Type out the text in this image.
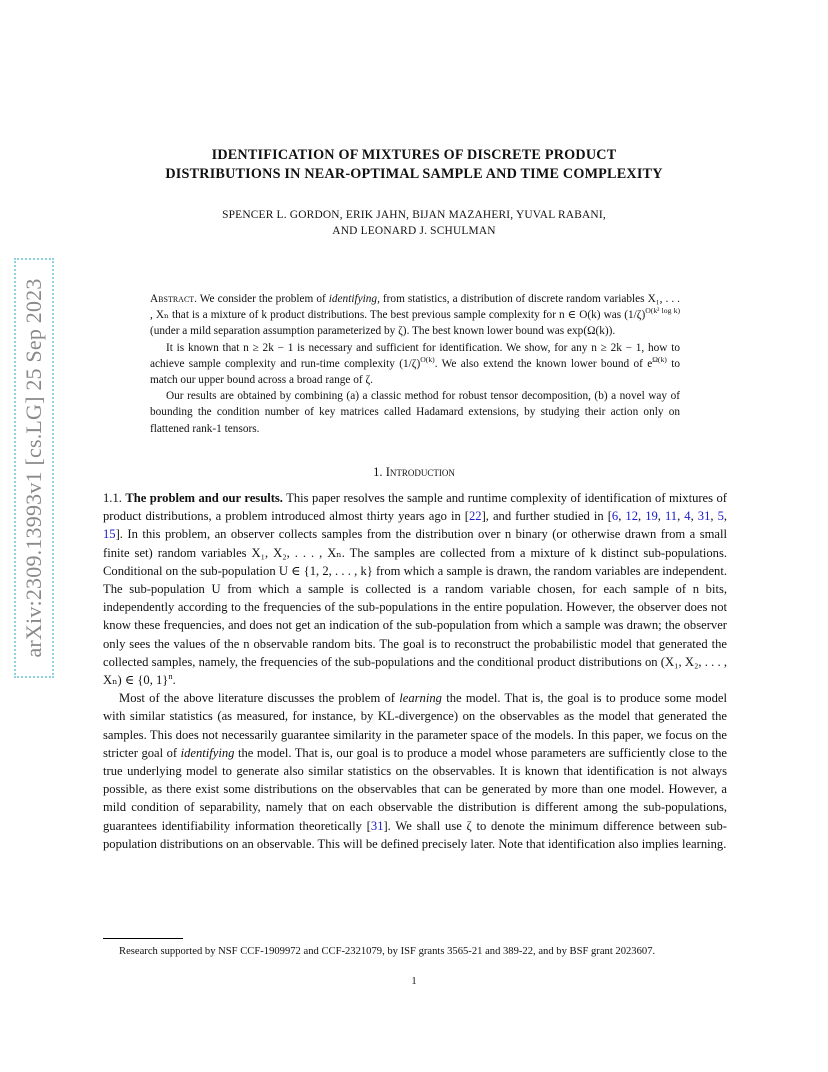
arXiv:2309.13993v1 [cs.LG] 25 Sep 2023
IDENTIFICATION OF MIXTURES OF DISCRETE PRODUCT
DISTRIBUTIONS IN NEAR-OPTIMAL SAMPLE AND TIME COMPLEXITY
SPENCER L. GORDON, ERIK JAHN, BIJAN MAZAHERI, YUVAL RABANI,
AND LEONARD J. SCHULMAN

Abstract. We consider the problem of identifying, from statistics, a distribution of discrete random variables X₁, . . . , Xₙ that is a mixture of k product distributions. The best previous sample complexity for n ∈ O(k) was $(1/\zeta)^{O(k^2 log k)}$ (under a mild separation assumption parameterized by ζ). The best known lower bound was exp(Ω(k)).

It is known that n ≥ 2k − 1 is necessary and sufficient for identification. We show, for any n ≥ 2k − 1, how to achieve sample complexity and run-time complexity $(1/\zeta)^{O(k)}$. We also extend the known lower bound of $e^{\Omega(k)}$ to match our upper bound across a broad range of ζ.

Our results are obtained by combining (a) a classic method for robust tensor decomposition, (b) a novel way of bounding the condition number of key matrices called Hadamard extensions, by studying their action only on flattened rank-1 tensors.

1. Introduction

1.1. The problem and our results. This paper resolves the sample and runtime complexity of identification of mixtures of product distributions, a problem introduced almost thirty years ago in [22], and further studied in [6, 12, 19, 11, 4, 31, 5, 15]. In this problem, an observer collects samples from the distribution over n binary (or otherwise drawn from a small finite set) random variables X₁, X₂, . . . , Xₙ. The samples are collected from a mixture of k distinct sub-populations. Conditional on the sub-population U ∈ {1, 2, . . . , k} from which a sample is drawn, the random variables are independent. The sub-population U from which a sample is collected is a random variable chosen, for each sample of n bits, independently according to the frequencies of the sub-populations in the entire population. However, the observer does not know these frequencies, and does not get an indication of the sub-population from which a sample was drawn; the observer only sees the values of the n observable random bits. The goal is to reconstruct the probabilistic model that generated the collected samples, namely, the frequencies of the sub-populations and the conditional product distributions on (X₁, X₂, . . . , Xₙ) ∈ {0, 1}$^n$.

Most of the above literature discusses the problem of learning the model. That is, the goal is to produce some model with similar statistics (as measured, for instance, by KL-divergence) on the observables as the model that generated the samples. This does not necessarily guarantee similarity in the parameter space of the models. In this paper, we focus on the stricter goal of identifying the model. That is, our goal is to produce a model whose parameters are sufficiently close to the true underlying model to generate also similar statistics on the observables. It is known that identification is not always possible, as there exist some distributions on the observables that can be generated by more than one model. However, a mild condition of separability, namely that on each observable the distribution is different among the sub-populations, guarantees identifiability information theoretically [31]. We shall use ζ to denote the minimum difference between sub-population distributions on an observable. This will be defined precisely later. Note that identification also implies learning.

Research supported by NSF CCF-1909972 and CCF-2321079, by ISF grants 3565-21 and 389-22, and by BSF grant 2023607.
1
